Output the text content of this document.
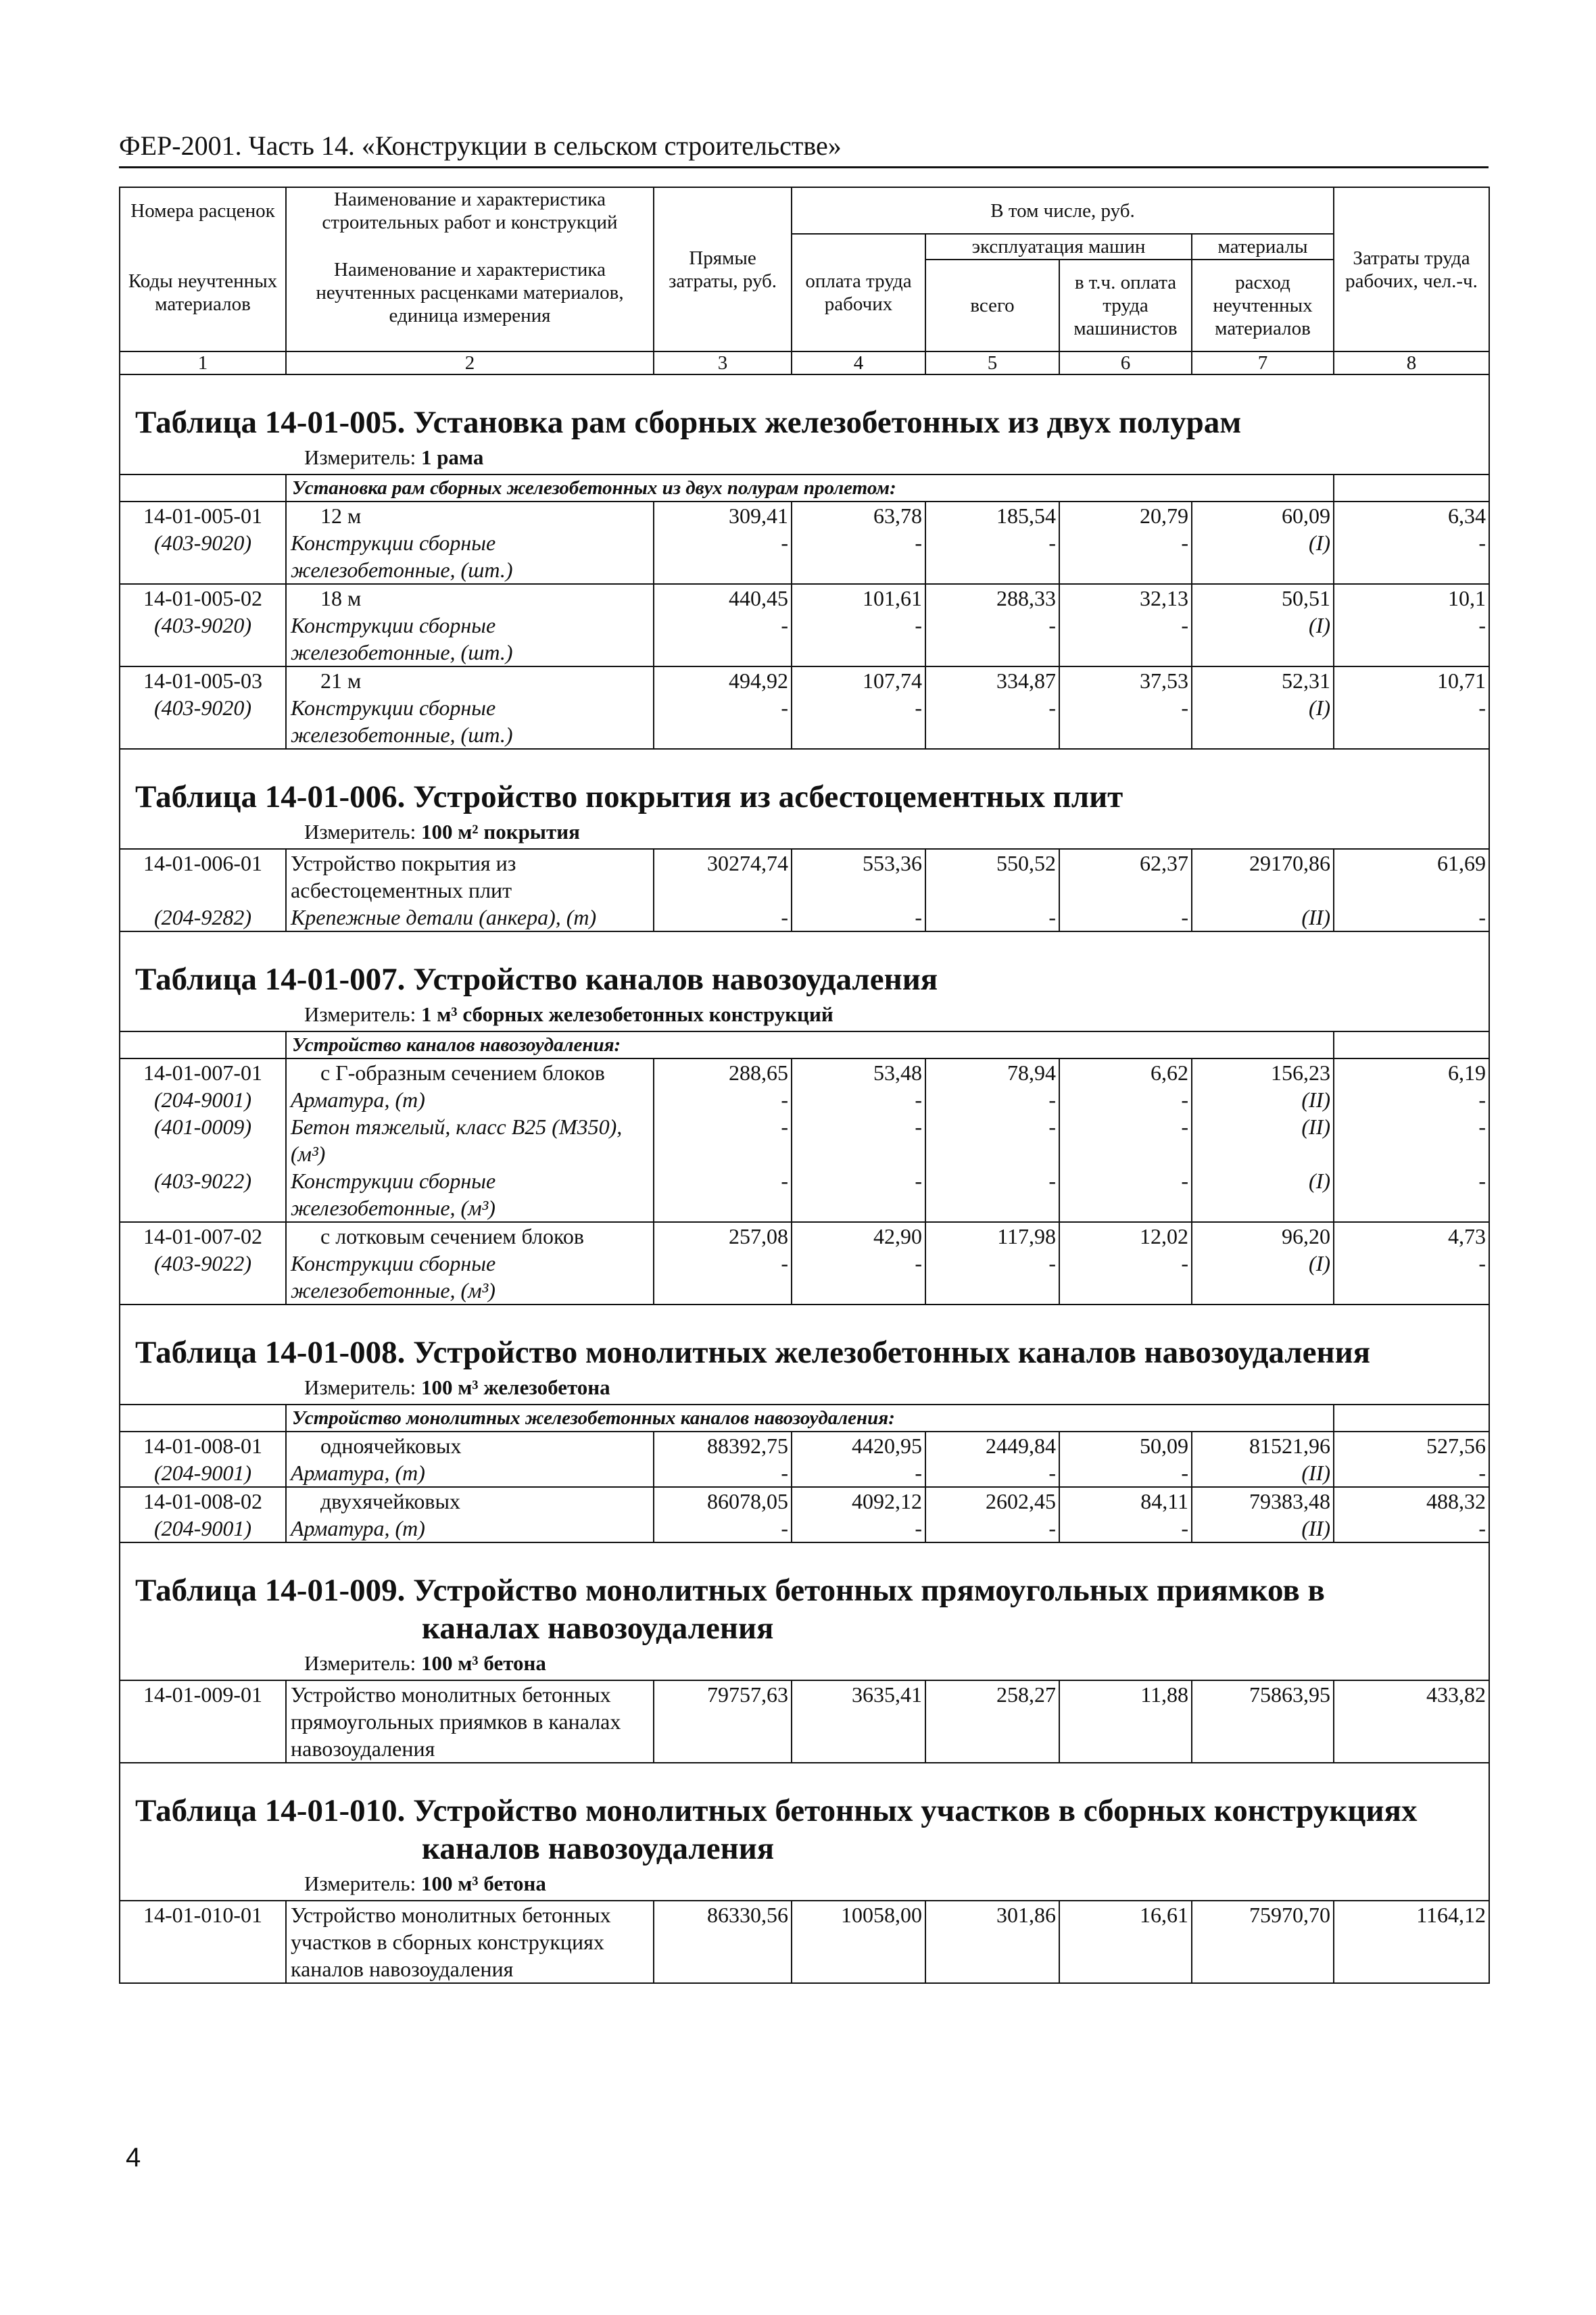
ФЕР-2001. Часть 14. «Конструкции в сельском строительстве»
Номера расценок	Наименование и характеристика строительных работ и конструкций	Прямые затраты, руб.	В том числе, руб.				Затраты труда рабочих, чел.-ч.
Коды неучтенных материалов	Наименование и характеристика неучтенных расценками материалов, единица измерения		оплата труда рабочих	эксплуатация машин		материалы	
				всего	в т.ч. оплата труда машинистов	расход неучтенных материалов	
1	2	3	4	5	6	7	8

Таблица 14-01-005. Установка рам сборных железобетонных из двух полурам							

Измеритель: 1 рама							
	Установка рам сборных железобетонных из двух полурам пролетом:						
14-01-005-01	12 м	309,41	63,78	185,54	20,79	60,09	6,34
(403-9020)	Конструкции сборные железобетонные, (шт.)	-	-	-	-	(I)	-
14-01-005-02	18 м	440,45	101,61	288,33	32,13	50,51	10,1
(403-9020)	Конструкции сборные железобетонные, (шт.)	-	-	-	-	(I)	-
14-01-005-03	21 м	494,92	107,74	334,87	37,53	52,31	10,71
(403-9020)	Конструкции сборные железобетонные, (шт.)	-	-	-	-	(I)	-

Таблица 14-01-006. Устройство покрытия из асбестоцементных плит							

Измеритель: 100 м² покрытия							
14-01-006-01	Устройство покрытия из асбестоцементных плит	30274,74	553,36	550,52	62,37	29170,86	61,69
(204-9282)	Крепежные детали (анкера), (т)	-	-	-	-	(II)	-

Таблица 14-01-007. Устройство каналов навозоудаления							

Измеритель: 1 м³ сборных железобетонных конструкций							
	Устройство каналов навозоудаления:						
14-01-007-01	с Г-образным сечением блоков	288,65	53,48	78,94	6,62	156,23	6,19
(204-9001)	Арматура, (т)	-	-	-	-	(II)	-
(401-0009)	Бетон тяжелый, класс В25 (М350), (м³)	-	-	-	-	(II)	-
(403-9022)	Конструкции сборные железобетонные, (м³)	-	-	-	-	(I)	-
14-01-007-02	с лотковым сечением блоков	257,08	42,90	117,98	12,02	96,20	4,73
(403-9022)	Конструкции сборные железобетонные, (м³)	-	-	-	-	(I)	-

Таблица 14-01-008. Устройство монолитных железобетонных каналов навозоудаления							

Измеритель: 100 м³ железобетона							
	Устройство монолитных железобетонных каналов навозоудаления:						
14-01-008-01	одноячейковых	88392,75	4420,95	2449,84	50,09	81521,96	527,56
(204-9001)	Арматура, (т)	-	-	-	-	(II)	-
14-01-008-02	двухячейковых	86078,05	4092,12	2602,45	84,11	79383,48	488,32
(204-9001)	Арматура, (т)	-	-	-	-	(II)	-

Таблица 14-01-009. Устройство монолитных бетонных прямоугольных приямков в
каналах навозоудаления							

Измеритель: 100 м³ бетона							
14-01-009-01	Устройство монолитных бетонных прямоугольных приямков в каналах навозоудаления	79757,63	3635,41	258,27	11,88	75863,95	433,82

Таблица 14-01-010. Устройство монолитных бетонных участков в сборных конструкциях
каналов навозоудаления							

Измеритель: 100 м³ бетона							
14-01-010-01	Устройство монолитных бетонных участков в сборных конструкциях каналов навозоудаления	86330,56	10058,00	301,86	16,61	75970,70	1164,12
4
